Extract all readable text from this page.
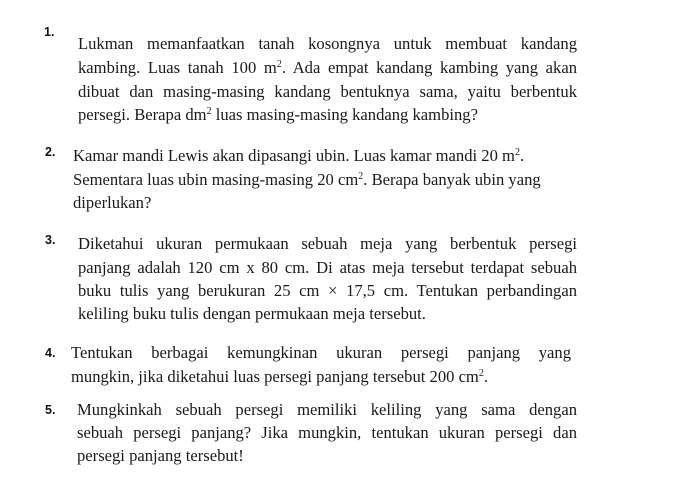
1.
Lukman memanfaatkan tanah kosongnya untuk membuat kandang
kambing. Luas tanah 100 $m^2$. Ada empat kandang kambing yang akan
dibuat dan masing-masing kandang bentuknya sama, yaitu berbentuk
persegi. Berapa $dm^2$ luas masing-masing kandang kambing?
2. Kamar mandi Lewis akan dipasangi ubin. Luas kamar mandi 20 $m^2$.
Sementara luas ubin masing-masing 20 $cm^2$. Berapa banyak ubin yang
diperlukan?
3. Diketahui ukuran permukaan sebuah meja yang berbentuk persegi
panjang adalah 120 cm x 80 cm. Di atas meja tersebut terdapat sebuah
buku tulis yang berukuran 25 cm × 17,5 cm. Tentukan perbandingan
keliling buku tulis dengan permukaan meja tersebut.
4. Tentukan berbagai kemungkinan ukuran persegi panjang yang
mungkin, jika diketahui luas persegi panjang tersebut 200 $cm^2$.
5. Mungkinkah sebuah persegi memiliki keliling yang sama dengan
sebuah persegi panjang? Jika mungkin, tentukan ukuran persegi dan
persegi panjang tersebut!
